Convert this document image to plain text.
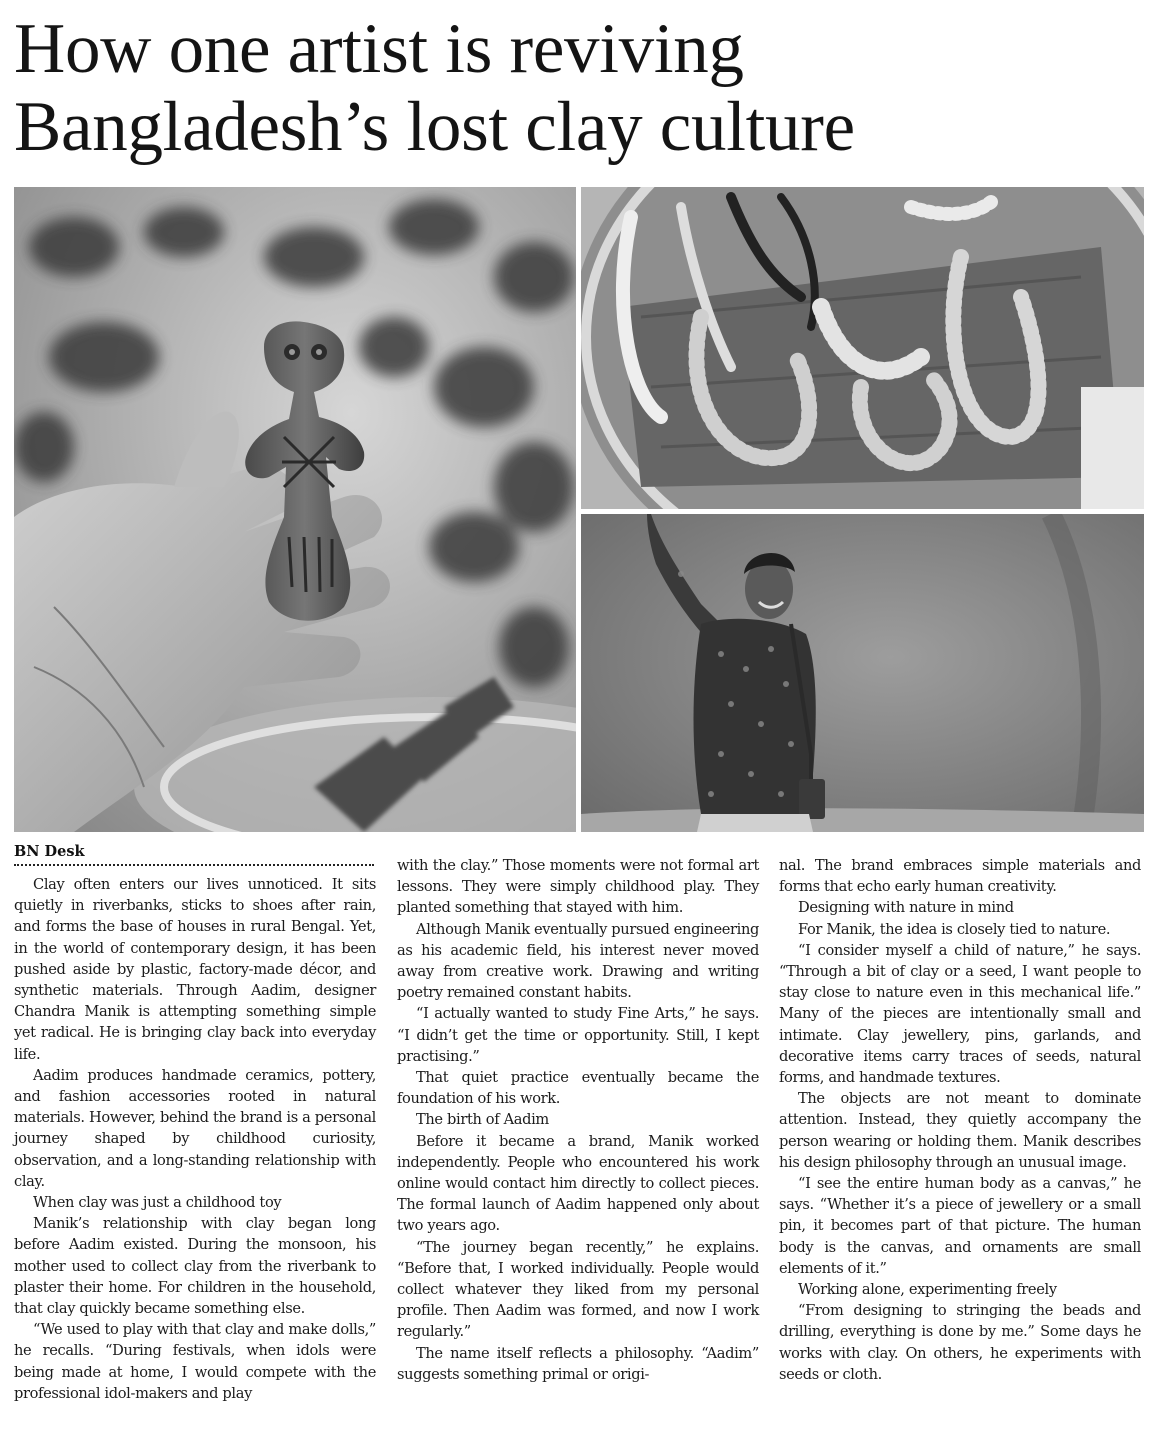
How one artist is reviving
Bangladesh’s lost clay culture
BN Desk

Clay often enters our lives unnoticed. It sits quietly in riverbanks, sticks to shoes after rain, and forms the base of houses in rural Bengal. Yet, in the world of contemporary design, it has been pushed aside by plastic, factory-made décor, and synthetic materials. Through Aadim, designer Chandra Manik is attempting something simple yet radical. He is bringing clay back into everyday life.

Aadim produces handmade ceramics, pottery, and fashion accessories rooted in natural materials. However, behind the brand is a personal journey shaped by childhood curiosity, observation, and a long-standing relationship with clay.

When clay was just a childhood toy

Manik’s relationship with clay began long before Aadim existed. During the monsoon, his mother used to collect clay from the riverbank to plaster their home. For children in the household, that clay quickly became something else.

“We used to play with that clay and make dolls,” he recalls. “During festivals, when idols were being made at home, I would compete with the professional idol-makers and play

with the clay.” Those moments were not formal art lessons. They were simply childhood play. They planted something that stayed with him.

Although Manik eventually pursued engineering as his academic field, his interest never moved away from creative work. Drawing and writing poetry remained constant habits.

“I actually wanted to study Fine Arts,” he says. “I didn’t get the time or opportunity. Still, I kept practising.”

That quiet practice eventually became the foundation of his work.

The birth of Aadim

Before it became a brand, Manik worked independently. People who encountered his work online would contact him directly to collect pieces. The formal launch of Aadim happened only about two years ago.

“The journey began recently,” he explains. “Before that, I worked individually. People would collect whatever they liked from my personal profile. Then Aadim was formed, and now I work regularly.”

The name itself reflects a philosophy. “Aadim” suggests something primal or origi-

nal. The brand embraces simple materials and forms that echo early human creativity.

Designing with nature in mind

For Manik, the idea is closely tied to nature.

“I consider myself a child of nature,” he says. “Through a bit of clay or a seed, I want people to stay close to nature even in this mechanical life.” Many of the pieces are intentionally small and intimate. Clay jewellery, pins, garlands, and decorative items carry traces of seeds, natural forms, and handmade textures.

The objects are not meant to dominate attention. Instead, they quietly accompany the person wearing or holding them. Manik describes his design philosophy through an unusual image.

“I see the entire human body as a canvas,” he says. “Whether it’s a piece of jewellery or a small pin, it becomes part of that picture. The human body is the canvas, and ornaments are small elements of it.”

Working alone, experimenting freely

“From designing to stringing the beads and drilling, everything is done by me.” Some days he works with clay. On others, he experiments with seeds or cloth.
